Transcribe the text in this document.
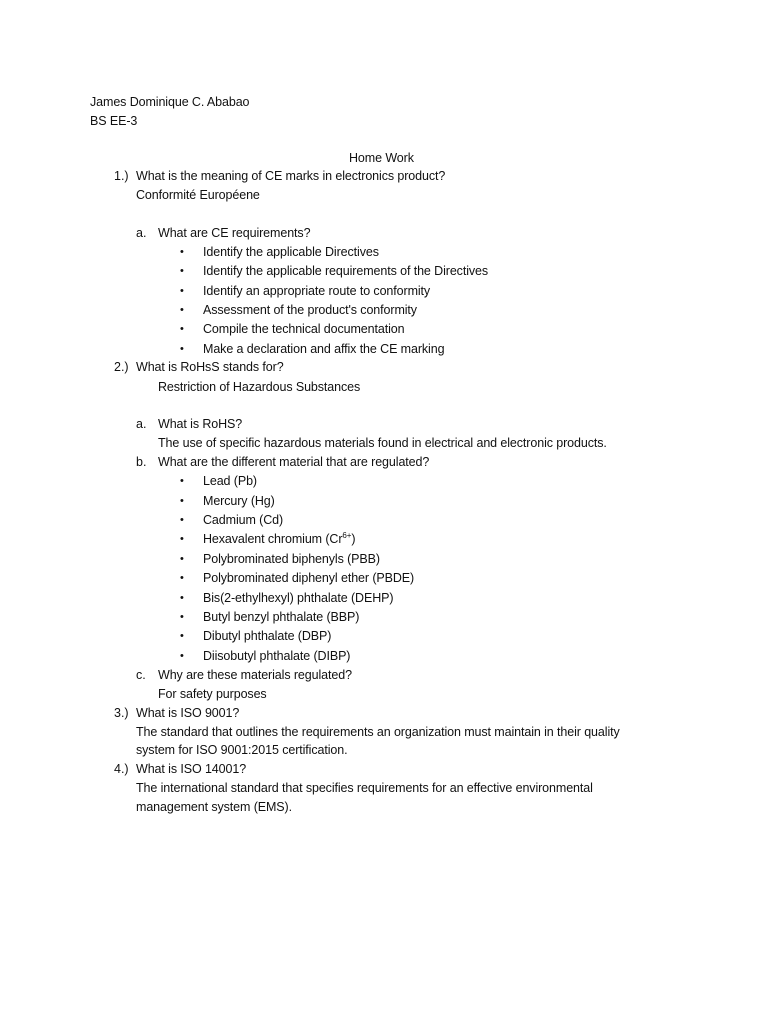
James Dominique C. Ababao
BS EE-3
Home Work
1.) What is the meaning of CE marks in electronics product?
Conformité Européene
a. What are CE requirements?
• Identify the applicable Directives
• Identify the applicable requirements of the Directives
• Identify an appropriate route to conformity
• Assessment of the product's conformity
• Compile the technical documentation
• Make a declaration and affix the CE marking
2.) What is RoHsS stands for?
Restriction of Hazardous Substances
a. What is RoHS?
The use of specific hazardous materials found in electrical and electronic products.
b. What are the different material that are regulated?
• Lead (Pb)
• Mercury (Hg)
• Cadmium (Cd)
• Hexavalent chromium $(Cr^{6+})$
• Polybrominated biphenyls (PBB)
• Polybrominated diphenyl ether (PBDE)
• Bis(2-ethylhexyl) phthalate (DEHP)
• Butyl benzyl phthalate (BBP)
• Dibutyl phthalate (DBP)
• Diisobutyl phthalate (DIBP)
c. Why are these materials regulated?
For safety purposes
3.) What is ISO 9001?
The standard that outlines the requirements an organization must maintain in their quality
system for ISO 9001:2015 certification.
4.) What is ISO 14001?
The international standard that specifies requirements for an effective environmental
management system (EMS).
